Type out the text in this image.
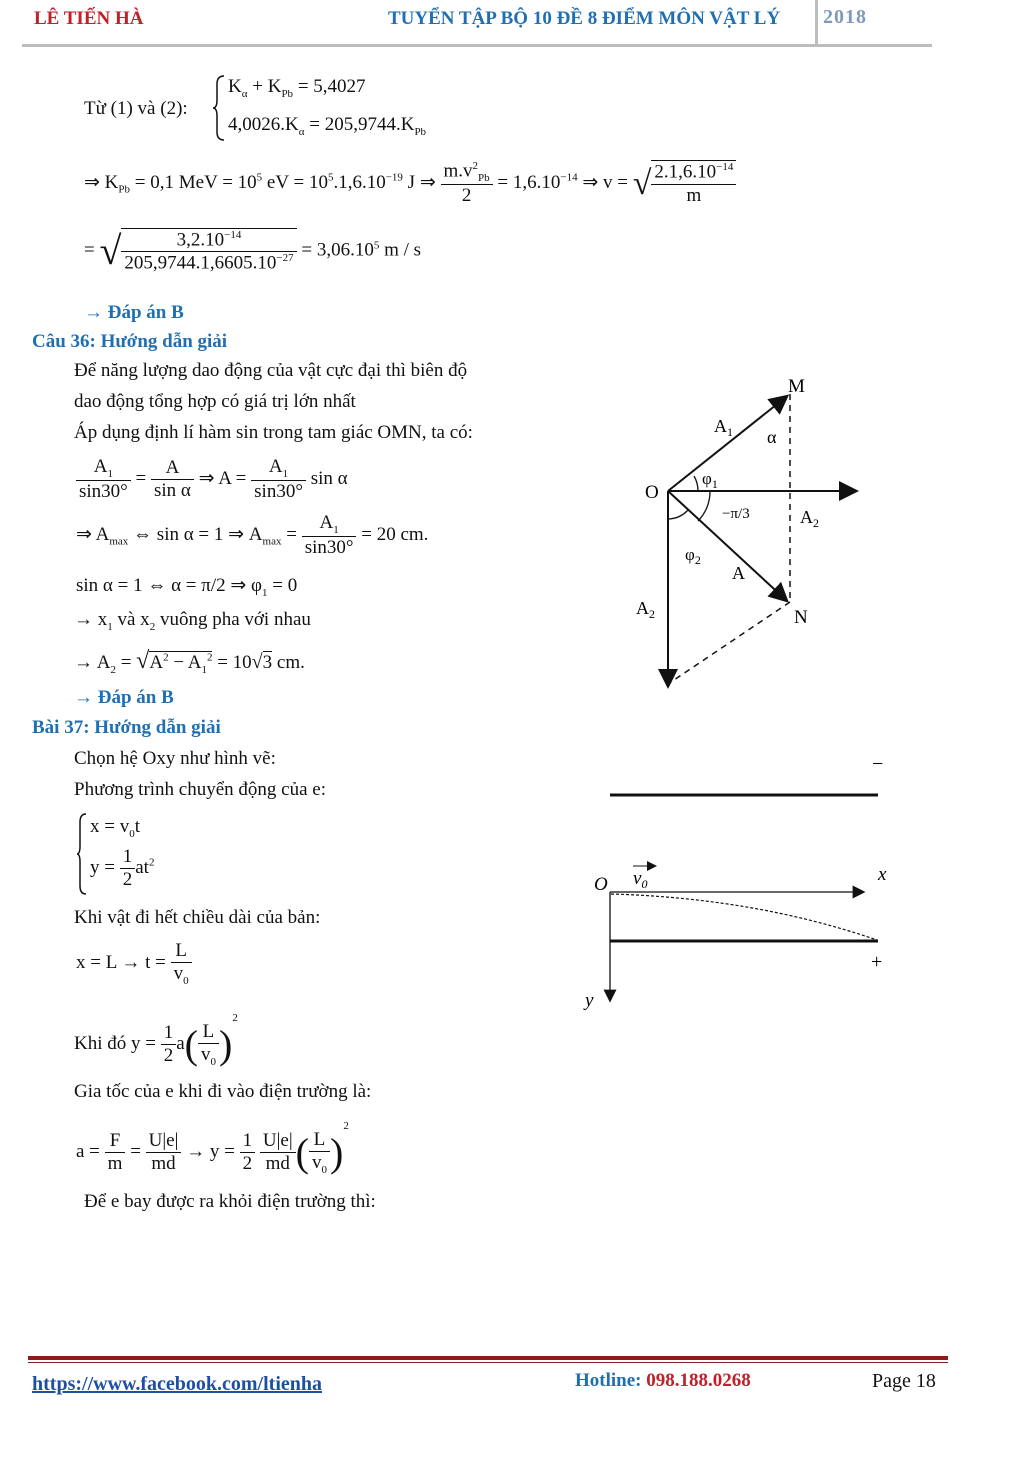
LÊ TIẾN HÀ	TUYỂN TẬP BỘ 10 ĐỀ 8 ĐIỂM MÔN VẬT LÝ 2018
Từ (1) và (2):
$K_\alpha + K_{Pb} = 5,4027$
$4,0026.K_\alpha = 205,9744.K_{Pb}$
⇒ $K_{Pb} = 0,1$ MeV = $10^5$ eV = $10^5.1,6.10^{-19}$ J ⇒ $\frac{m.v^2_{Pb}}{2} = 1,6.10^{-14}$ ⇒ v = √ $\frac{2.1,6.10^{-14}}{m}$
= √ $\frac{3,2.10^{-14}}{205,9744.1,6605.10^{-27}} = 3,06.10^5$ m / s
→ Đáp án B
Câu 36: Hướng dẫn giải
Để năng lượng dao động của vật cực đại thì biên độ
dao động tổng hợp có giá trị lớn nhất
Áp dụng định lí hàm sin trong tam giác OMN, ta có:
$\frac{A_1}{\sin 30^\circ} = \frac{A}{\text{sin α}}$ ⇒ $A = \frac{A_1}{\sin 30^\circ}$ sin α
⇒ $A_{max}$ ⇔ sin α = 1 ⇒ $A_{max} = \frac{A_1}{\sin 30^\circ} = 20$ cm.
sin α = 1 ⇔ α = π/2 ⇒ $\varphi_1 = 0$
→ $x_1$ và $x_2$ vuông pha với nhau
→ $A_2 = √A^2 - A_1^2 = 10√3$ cm.
→ Đáp án B
M
O
N
$A_1$ α
$\varphi_1$
−π/3	$A_2$
$\varphi_2$
A
$A_2$
Bài 37: Hướng dẫn giải
Chọn hệ Oxy như hình vẽ:
Phương trình chuyển động của e:
$x = v_0t$
$y = \frac{1}{2} at^2$
Khi vật đi hết chiều dài của bản:
$x = L \to t = \frac{L}{v_0}$
Khi đó $y = \frac{1}{2} a( \frac{L}{v_0} )^2$
Gia tốc của e khi đi vào điện trường là:
$a = \frac{F}{m} = \frac{U|e|}{md} \to y = \frac{1}{2}$
$\frac{U|e|}{md}$ ( $\frac{L}{v_0} )^2$
Để e bay được ra khỏi điện trường thì:
−
O $v_0$	x
+
y
https://www.facebook.com/ltienha	Hotline: 098.188.0268	Page 18
